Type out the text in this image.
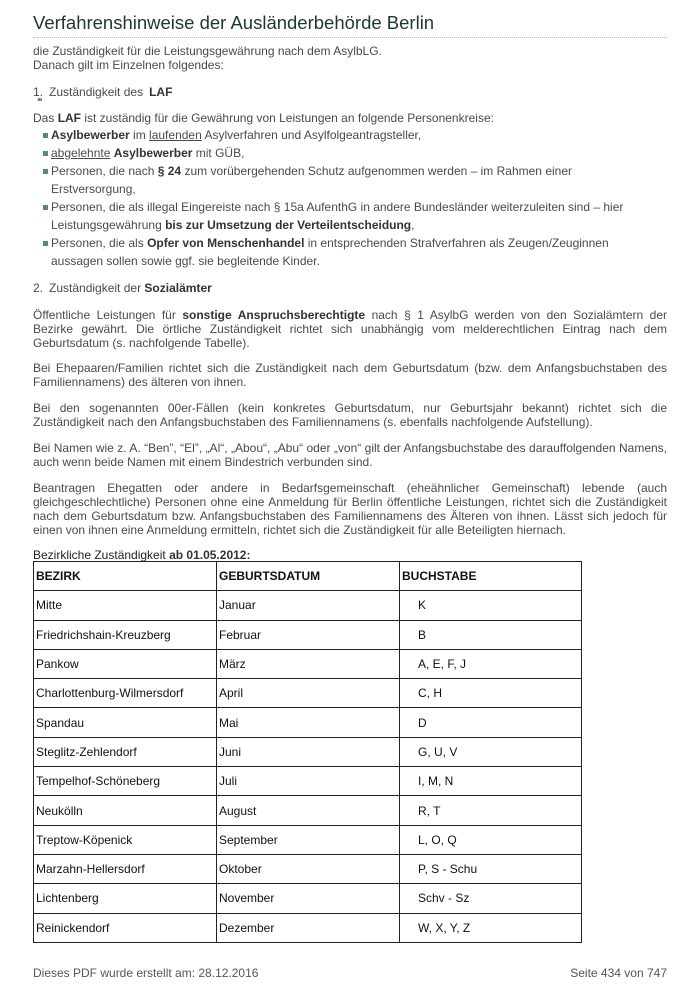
Verfahrenshinweise der Ausländerbehörde Berlin
die Zuständigkeit für die Leistungsgewährung nach dem AsylbLG.
Danach gilt im Einzelnen folgendes:
1. Zuständigkeit des LAF
‘‘‘
Das LAF ist zuständig für die Gewährung von Leistungen an folgende Personenkreise:
Asylbewerber im laufenden Asylverfahren und Asylfolgeantragsteller,
abgelehnte Asylbewerber mit GÜB,
Personen, die nach § 24 zum vorübergehenden Schutz aufgenommen werden – im Rahmen einer Erstversorgung,
Personen, die als illegal Eingereiste nach § 15a AufenthG in andere Bundesländer weiterzuleiten sind – hier Leistungsgewährung bis zur Umsetzung der Verteilentscheidung,
Personen, die als Opfer von Menschenhandel in entsprechenden Strafverfahren als Zeugen/Zeuginnen aussagen sollen sowie ggf. sie begleitende Kinder.
2. Zuständigkeit der Sozialämter
Öffentliche Leistungen für sonstige Anspruchsberechtigte nach § 1 AsylbG werden von den Sozialämtern der Bezirke gewährt. Die örtliche Zuständigkeit richtet sich unabhängig vom melderechtlichen Eintrag nach dem Geburtsdatum (s. nachfolgende Tabelle).
Bei Ehepaaren/Familien richtet sich die Zuständigkeit nach dem Geburtsdatum (bzw. dem Anfangsbuchstaben des Familiennamens) des älteren von ihnen.
Bei den sogenannten 00er-Fällen (kein konkretes Geburtsdatum, nur Geburtsjahr bekannt) richtet sich die Zuständigkeit nach den Anfangsbuchstaben des Familiennamens (s. ebenfalls nachfolgende Aufstellung).
Bei Namen wie z. A. “Ben”, “El”, „Al“, „Abou“, „Abu“ oder „von“ gilt der Anfangsbuchstabe des darauffolgenden Namens, auch wenn beide Namen mit einem Bindestrich verbunden sind.
Beantragen Ehegatten oder andere in Bedarfsgemeinschaft (eheähnlicher Gemeinschaft) lebende (auch gleichgeschlechtliche) Personen ohne eine Anmeldung für Berlin öffentliche Leistungen, richtet sich die Zuständigkeit nach dem Geburtsdatum bzw. Anfangsbuchstaben des Familiennamens des Älteren von ihnen. Lässt sich jedoch für einen von ihnen eine Anmeldung ermitteln, richtet sich die Zuständigkeit für alle Beteiligten hiernach.
Bezirkliche Zuständigkeit ab 01.05.2012:
BEZIRK	GEBURTSDATUM	BUCHSTABE
Mitte	Januar	K
Friedrichshain-Kreuzberg	Februar	B
Pankow	März	A, E, F, J
Charlottenburg-Wilmersdorf	April	C, H
Spandau	Mai	D
Steglitz-Zehlendorf	Juni	G, U, V
Tempelhof-Schöneberg	Juli	I, M, N
Neukölln	August	R, T
Treptow-Köpenick	September	L, O, Q
Marzahn-Hellersdorf	Oktober	P, S - Schu
Lichtenberg	November	Schv - Sz
Reinickendorf	Dezember	W, X, Y, Z
Dieses PDF wurde erstellt am: 28.12.2016	Seite 434 von 747
